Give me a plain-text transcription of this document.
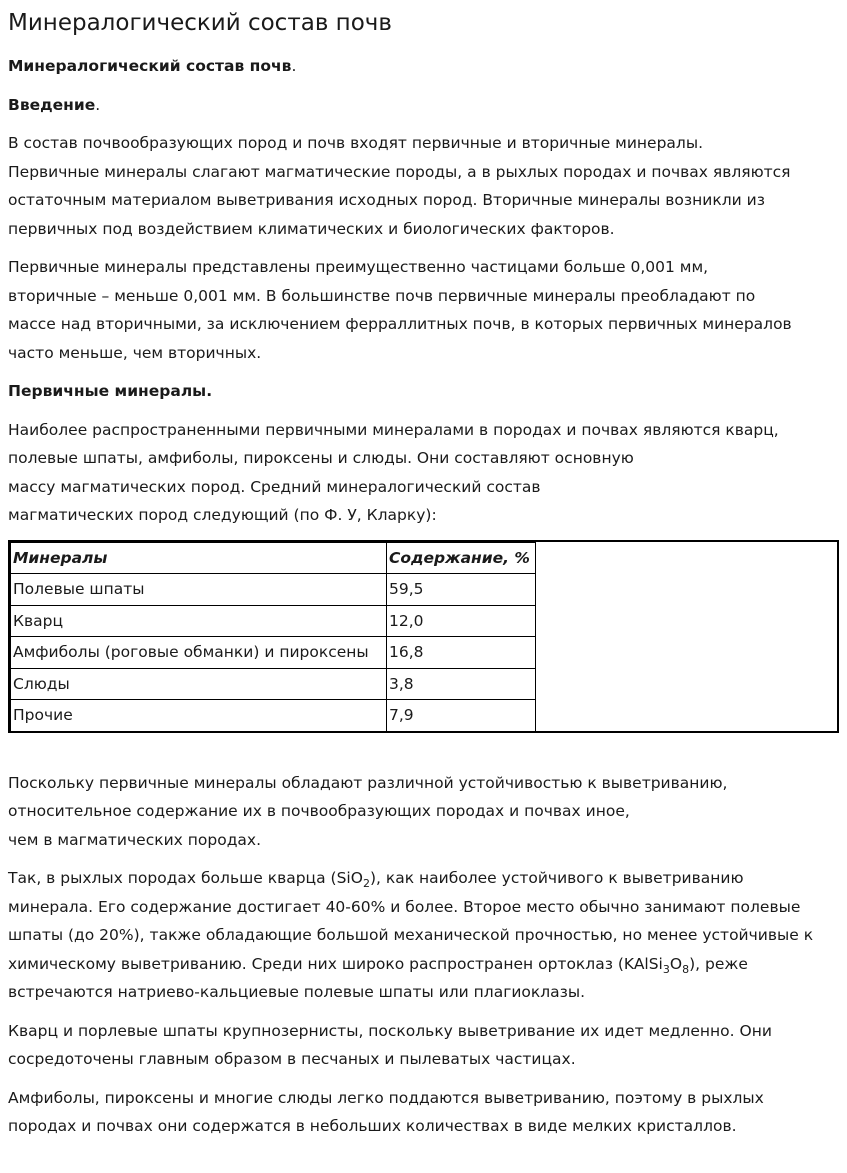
Минералогический состав почв

Минералогический состав почв.

Введение.

В состав почвообразующих пород и почв входят первичные и вторичные минералы.
Первичные минералы слагают магматические породы, а в рыхлых породах и почвах являются
остаточным материалом выветривания исходных пород. Вторичные минералы возникли из
первичных под воздействием климатических и биологических факторов.

Первичные минералы представлены преимущественно частицами больше 0,001 мм,
вторичные – меньше 0,001 мм. В большинстве почв первичные минералы преобладают по
массе над вторичными, за исключением ферраллитных почв, в которых первичных минералов
часто меньше, чем вторичных.

Первичные минералы.

Наиболее распространенными первичными минералами в породах и почвах являются кварц,
полевые шпаты, амфиболы, пироксены и слюды. Они составляют основную
массу магматических пород. Средний минералогический состав
магматических пород следующий (по Ф. У, Кларку):

Минералы	Содержание, %
Полевые шпаты	59,5
Кварц	12,0
Амфиболы (роговые обманки) и пироксены	16,8
Слюды	3,8
Прочие	7,9

Поскольку первичные минералы обладают различной устойчивостью к выветриванию,
относительное содержание их в почвообразующих породах и почвах иное,
чем в магматических породах.

Так, в рыхлых породах больше кварца (SiO$_2$), как наиболее устойчивого к выветриванию
минерала. Его содержание достигает 40-60% и более. Второе место обычно занимают полевые
шпаты (до 20%), также обладающие большой механической прочностью, но менее устойчивые к
химическому выветриванию. Среди них широко распространен ортоклаз $(KAlSi_3O_8)$, реже
встречаются натриево-кальциевые полевые шпаты или плагиоклазы.

Кварц и порлевые шпаты крупнозернисты, поскольку выветривание их идет медленно. Они
сосредоточены главным образом в песчаных и пылеватых частицах.

Амфиболы, пироксены и многие слюды легко поддаются выветриванию, поэтому в рыхлых
породах и почвах они содержатся в небольших количествах в виде мелких кристаллов.
